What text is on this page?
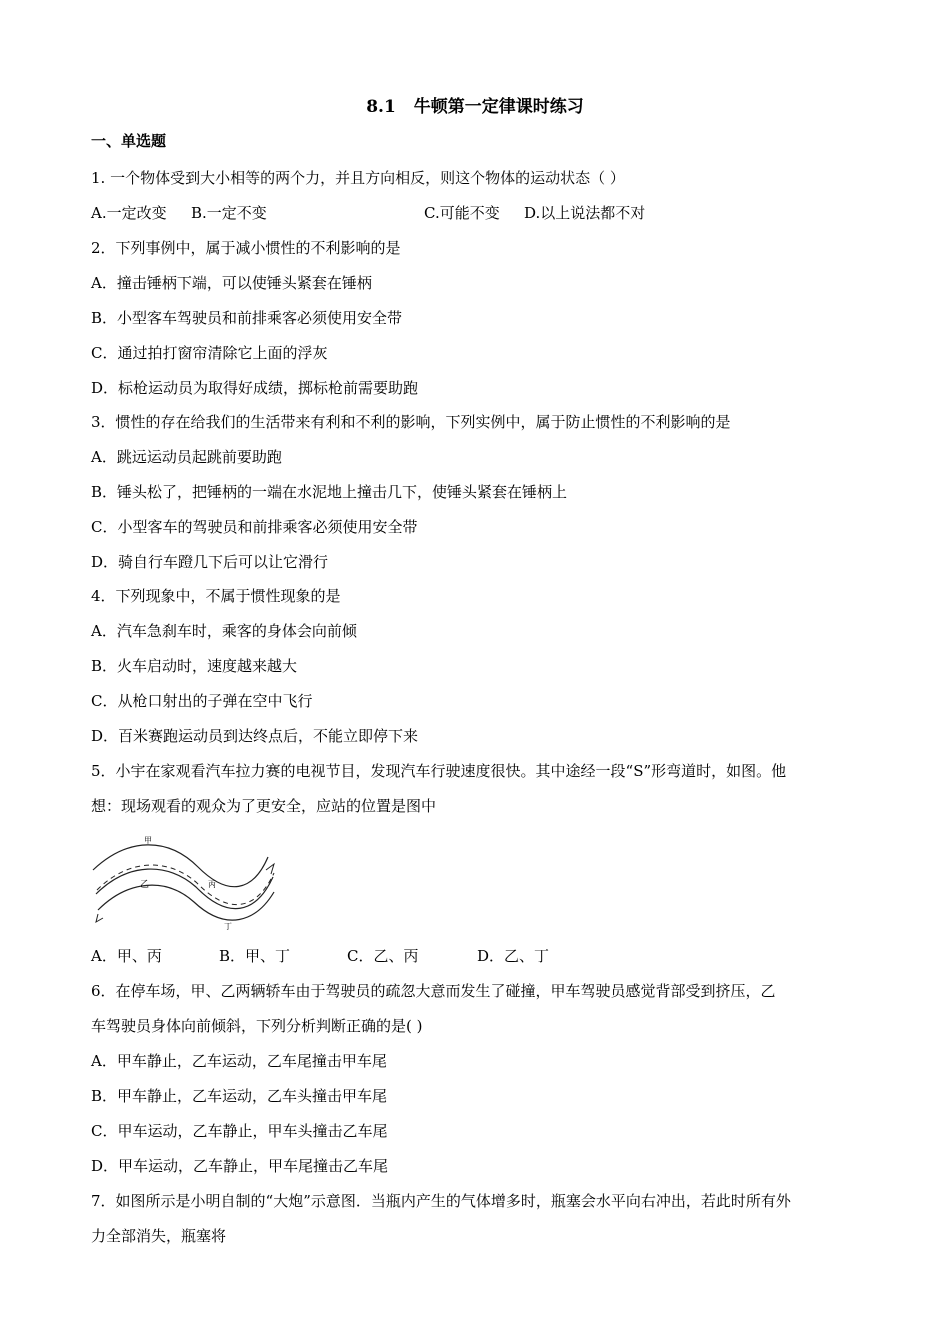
8.1 牛顿第一定律课时练习
一、单选题
1. 一个物体受到大小相等的两个力，并且方向相反，则这个物体的运动状态（ ）
A.一定改变 B.一定不变	C.可能不变 D.以上说法都不对
2．下列事例中，属于减小惯性的不利影响的是
A．撞击锤柄下端，可以使锤头紧套在锤柄
B．小型客车驾驶员和前排乘客必须使用安全带
C．通过拍打窗帘清除它上面的浮灰
D．标枪运动员为取得好成绩，掷标枪前需要助跑
3．惯性的存在给我们的生活带来有利和不利的影响，下列实例中，属于防止惯性的不利影响的是
A．跳远运动员起跳前要助跑
B．锤头松了，把锤柄的一端在水泥地上撞击几下，使锤头紧套在锤柄上
C．小型客车的驾驶员和前排乘客必须使用安全带
D．骑自行车蹬几下后可以让它滑行
4．下列现象中，不属于惯性现象的是
A．汽车急刹车时，乘客的身体会向前倾
B．火车启动时，速度越来越大
C．从枪口射出的子弹在空中飞行
D．百米赛跑运动员到达终点后，不能立即停下来
5．小宇在家观看汽车拉力赛的电视节目，发现汽车行驶速度很快。其中途经一段“S”形弯道时，如图。他
想：现场观看的观众为了更安全，应站的位置是图中
甲
乙	丙
丁
A．甲、丙	B．甲、丁	C．乙、丙	D．乙、丁
6．在停车场，甲、乙两辆轿车由于驾驶员的疏忽大意而发生了碰撞，甲车驾驶员感觉背部受到挤压，乙
车驾驶员身体向前倾斜，下列分析判断正确的是( )
A．甲车静止，乙车运动，乙车尾撞击甲车尾
B．甲车静止，乙车运动，乙车头撞击甲车尾
C．甲车运动，乙车静止，甲车头撞击乙车尾
D．甲车运动，乙车静止，甲车尾撞击乙车尾
7．如图所示是小明自制的“大炮”示意图．当瓶内产生的气体增多时，瓶塞会水平向右冲出，若此时所有外
力全部消失，瓶塞将
